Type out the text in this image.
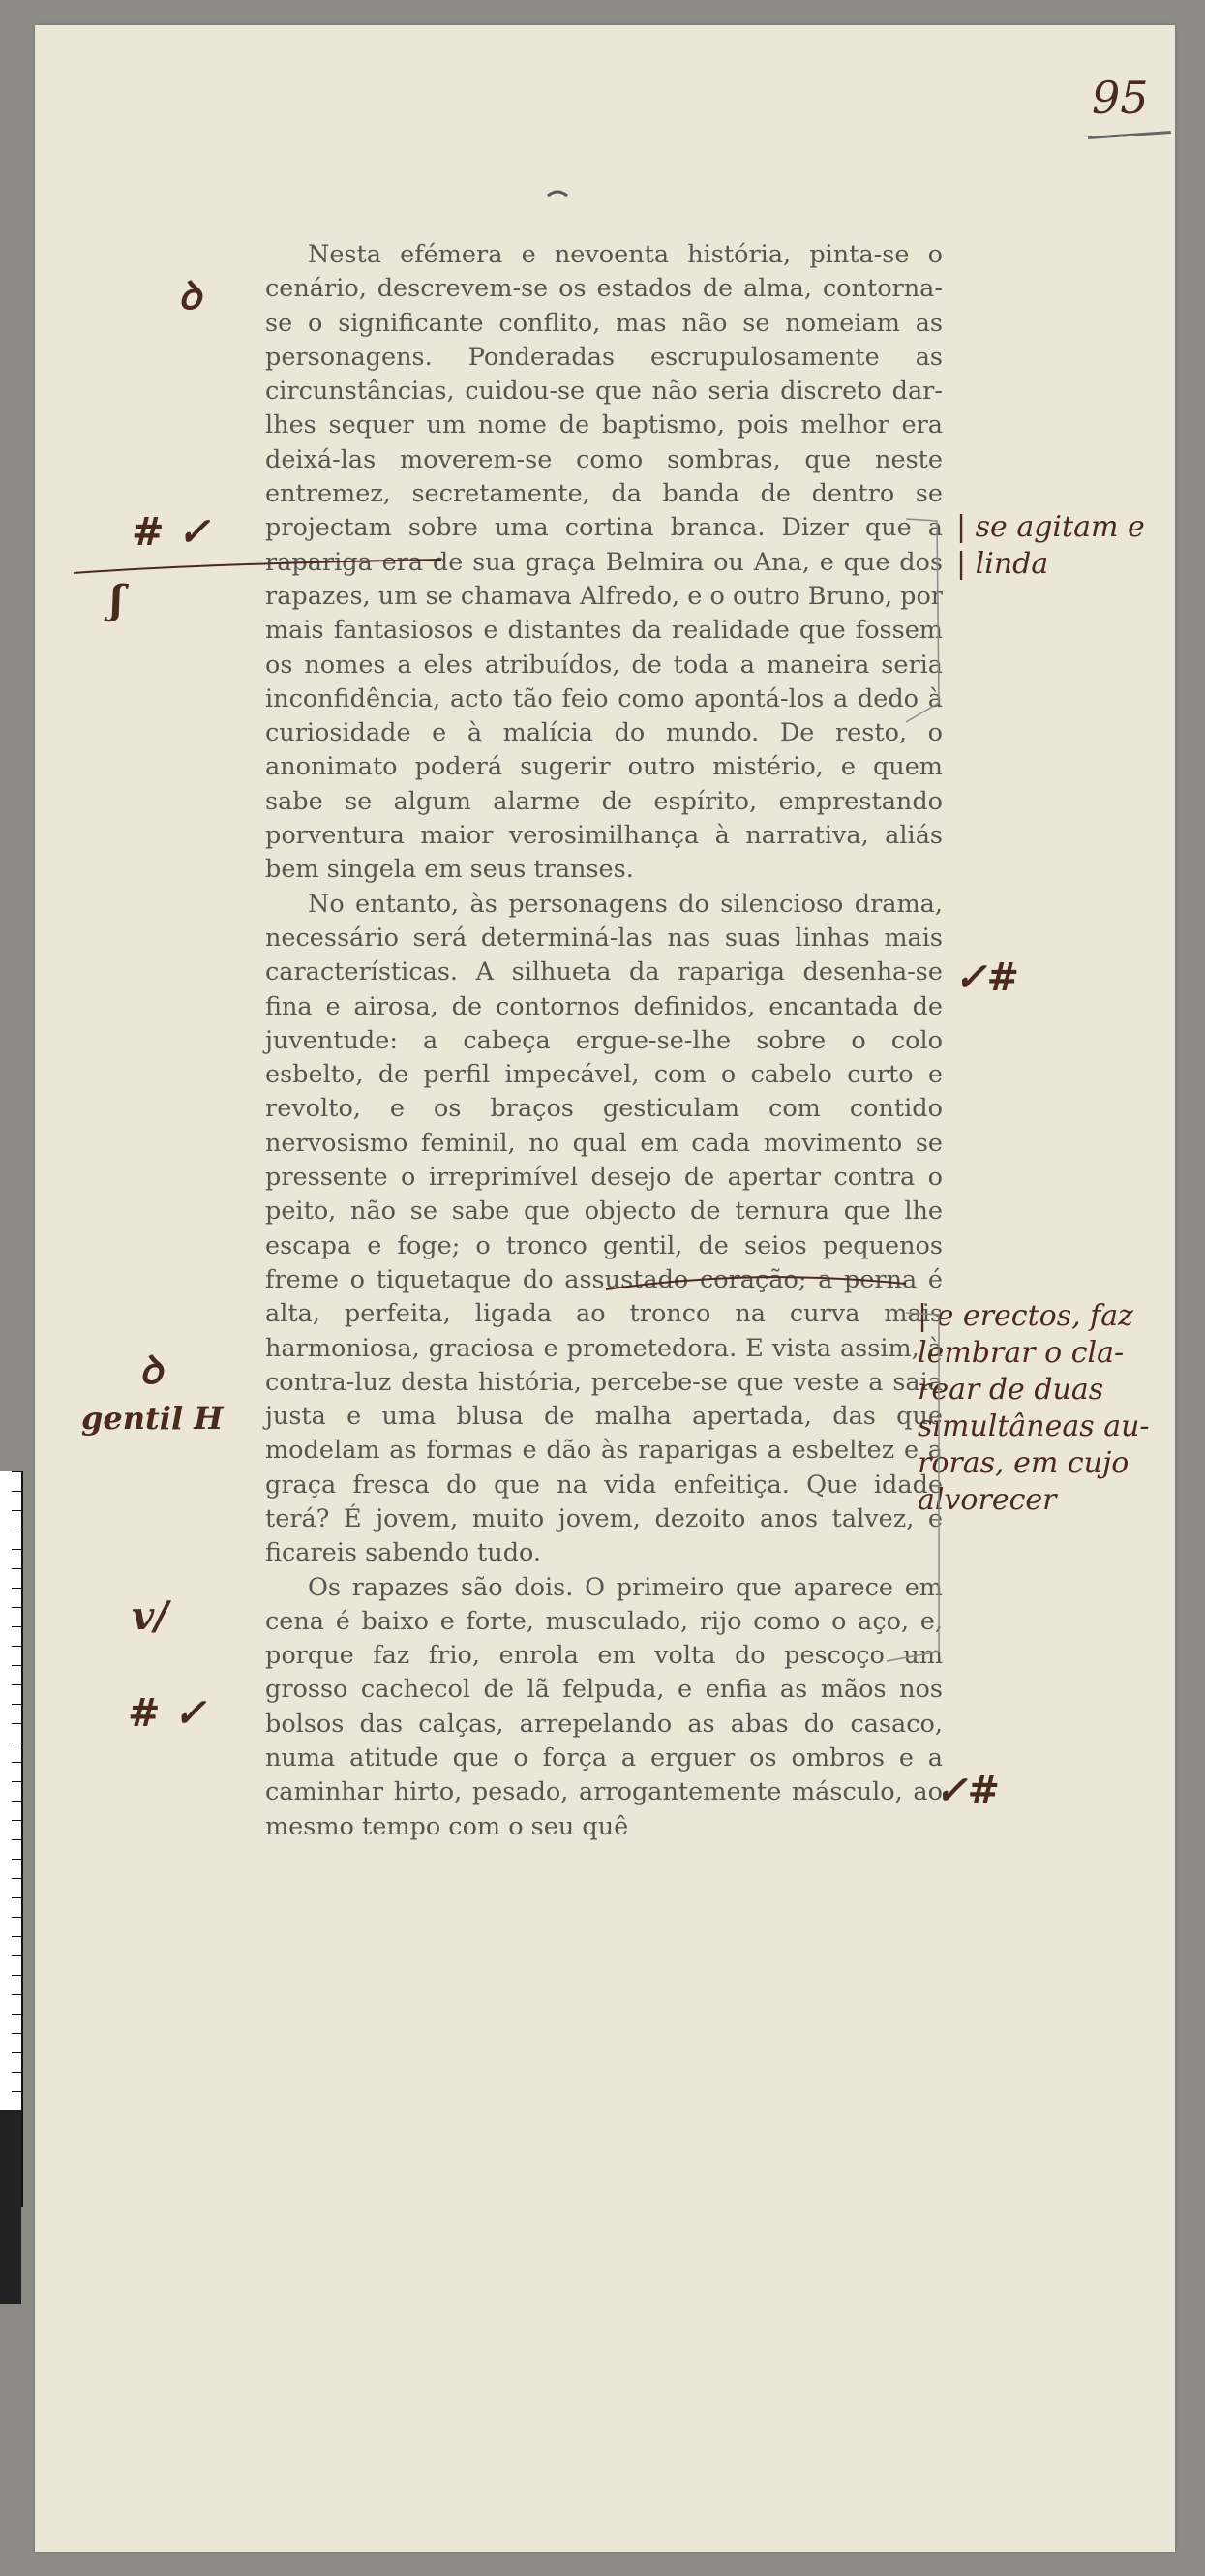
95

Nesta efémera e nevoenta história, pinta-se o cenário, descrevem-se os estados de alma, contorna-se o significante conflito, mas não se nomeiam as personagens. Ponderadas escrupulosamente as circunstâncias, cuidou-se que não seria discreto dar-lhes sequer um nome de baptismo, pois melhor era deixá-las moverem-se como sombras, que neste entremez, secretamente, da banda de dentro se projectam sobre uma cortina branca. Dizer que a rapariga era de sua graça Belmira ou Ana, e que dos rapazes, um se chamava Alfredo, e o outro Bruno, por mais fantasiosos e distantes da realidade que fossem os nomes a eles atribuídos, de toda a maneira seria inconfidência, acto tão feio como apontá-los a dedo à curiosidade e à malícia do mundo. De resto, o anonimato poderá sugerir outro mistério, e quem sabe se algum alarme de espírito, emprestando porventura maior verosimilhança à narrativa, aliás bem singela em seus transes.

No entanto, às personagens do silencioso drama, necessário será determiná-las nas suas linhas mais características. A silhueta da rapariga desenha-se fina e airosa, de contornos definidos, encantada de juventude: a cabeça ergue-se-lhe sobre o colo esbelto, de perfil impecável, com o cabelo curto e revolto, e os braços gesticulam com contido nervosismo feminil, no qual em cada movimento se pressente o irreprimível desejo de apertar contra o peito, não se sabe que objecto de ternura que lhe escapa e foge; o tronco gentil, de seios pequenos freme o tiquetaque do assustado coração; a perna é alta, perfeita, ligada ao tronco na curva mais harmoniosa, graciosa e prometedora. E vista assim, à contra-luz desta história, percebe-se que veste a saia justa e uma blusa de malha apertada, das que modelam as formas e dão às raparigas a esbeltez e a graça fresca do que na vida enfeitiça. Que idade terá? É jovem, muito jovem, dezoito anos talvez, e ficareis sabendo tudo.

Os rapazes são dois. O primeiro que aparece em cena é baixo e forte, musculado, rijo como o aço, e, porque faz frio, enrola em volta do pescoço um grosso cachecol de lã felpuda, e enfia as mãos nos bolsos das calças, arrepelando as abas do casaco, numa atitude que o força a erguer os ombros e a caminhar hirto, pesado, arrogantemente másculo, ao mesmo tempo com o seu quê

ꝺ
# ✓
ʃ
ꝺ
gentil H
v/
# ✓
| se agitam e
| linda
✓#
| e erectos, faz
lembrar o cla-
rear de duas
simultâneas au-
roras, em cujo
alvorecer
✓#
